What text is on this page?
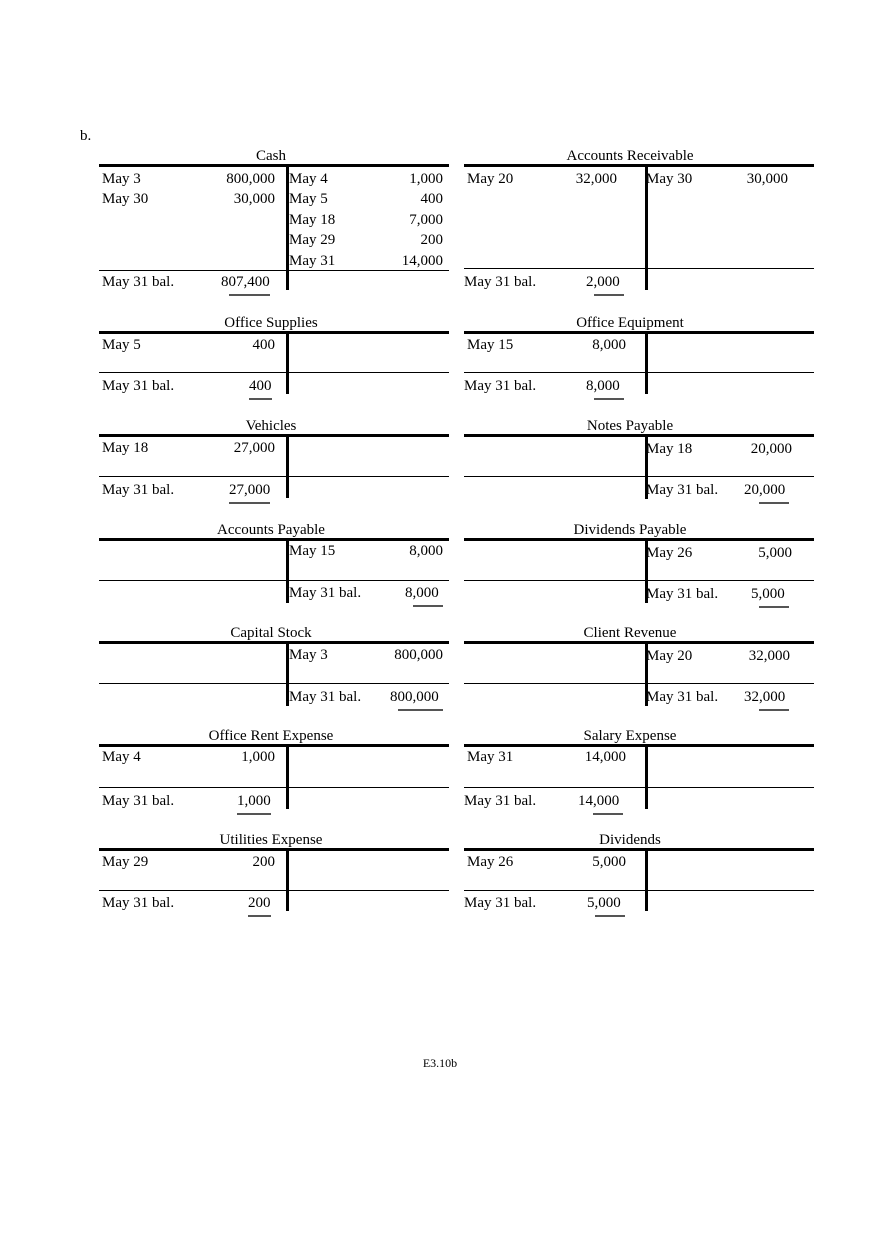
b.
Cash
May 3	800,000
May 30	30,000
May 4	1,000
May 5	400
May 18	7,000
May 29	200
May 31	14,000
May 31 bal.	807,400
Accounts Receivable
May 20	32,000 May 30	30,000
May 31 bal.	2,000
Office Supplies
May 5	400
May 31 bal.	400
Office Equipment
May 15	8,000
May 31 bal.	8,000
Vehicles
May 18	27,000
May 31 bal.	27,000
Notes Payable
May 18	20,000
May 31 bal. 20,000
Accounts Payable
May 15	8,000
May 31 bal.	8,000
Dividends Payable
May 26	5,000
May 31 bal. 5,000
Capital Stock
May 3	800,000
May 31 bal. 800,000
Client Revenue
May 20	32,000
May 31 bal. 32,000
Office Rent Expense
May 4	1,000
May 31 bal.	1,000
Salary Expense
May 31	14,000
May 31 bal.	14,000
Utilities Expense
May 29	200
May 31 bal.	200
Dividends
May 26	5,000
May 31 bal.	5,000
E3.10b
